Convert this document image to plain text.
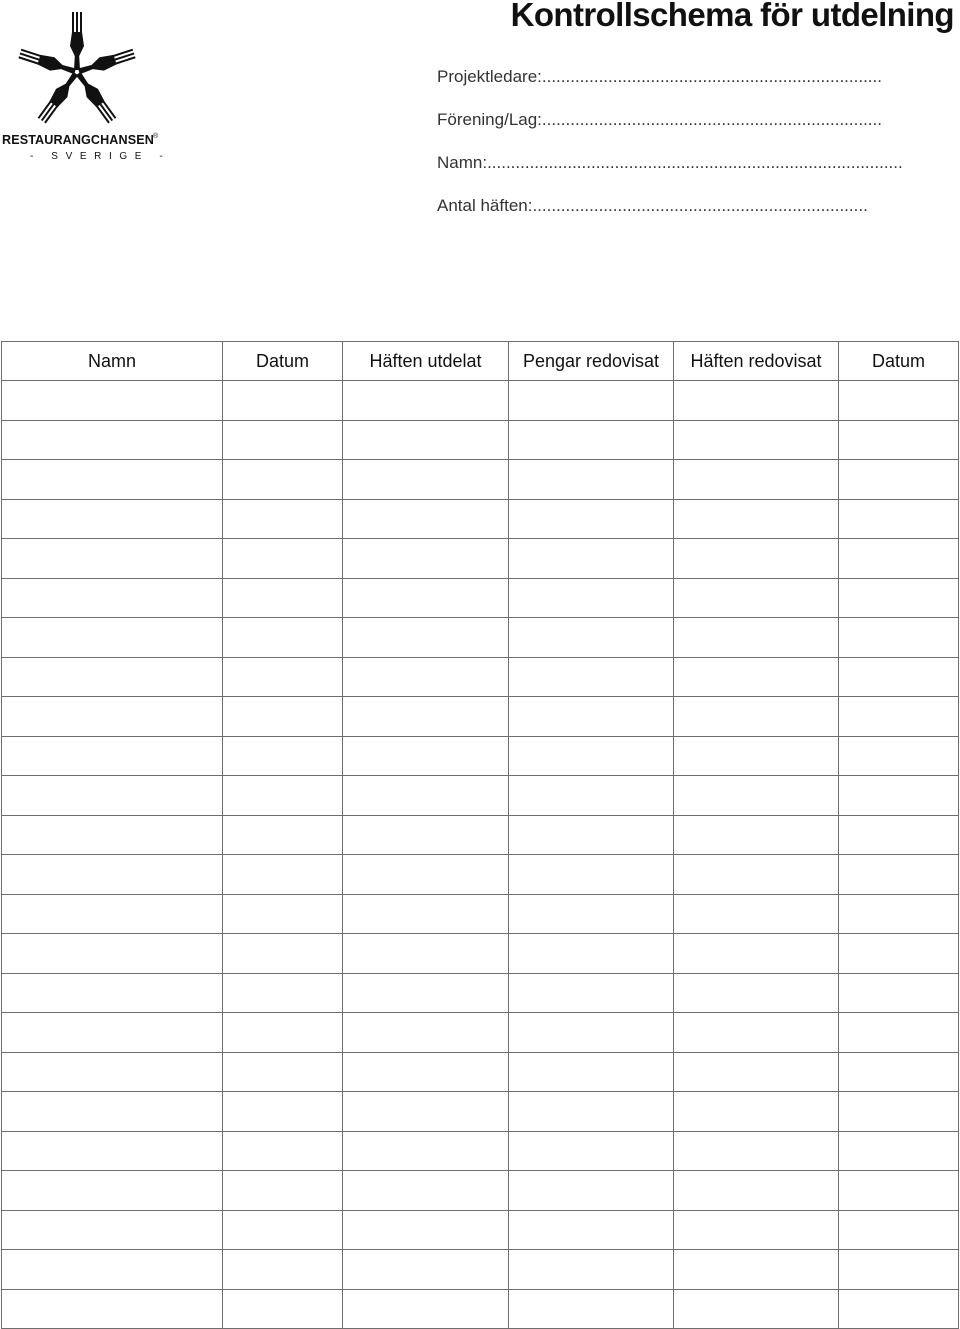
RESTAURANGCHANSEN ®
- SVERIGE -
Kontrollschema för utdelning
Projektledare:........................................................................
Förening/Lag:........................................................................
Namn:........................................................................................
Antal häften:.......................................................................
Namn	Datum	Häften utdelat	Pengar redovisat	Häften redovisat	Datum
